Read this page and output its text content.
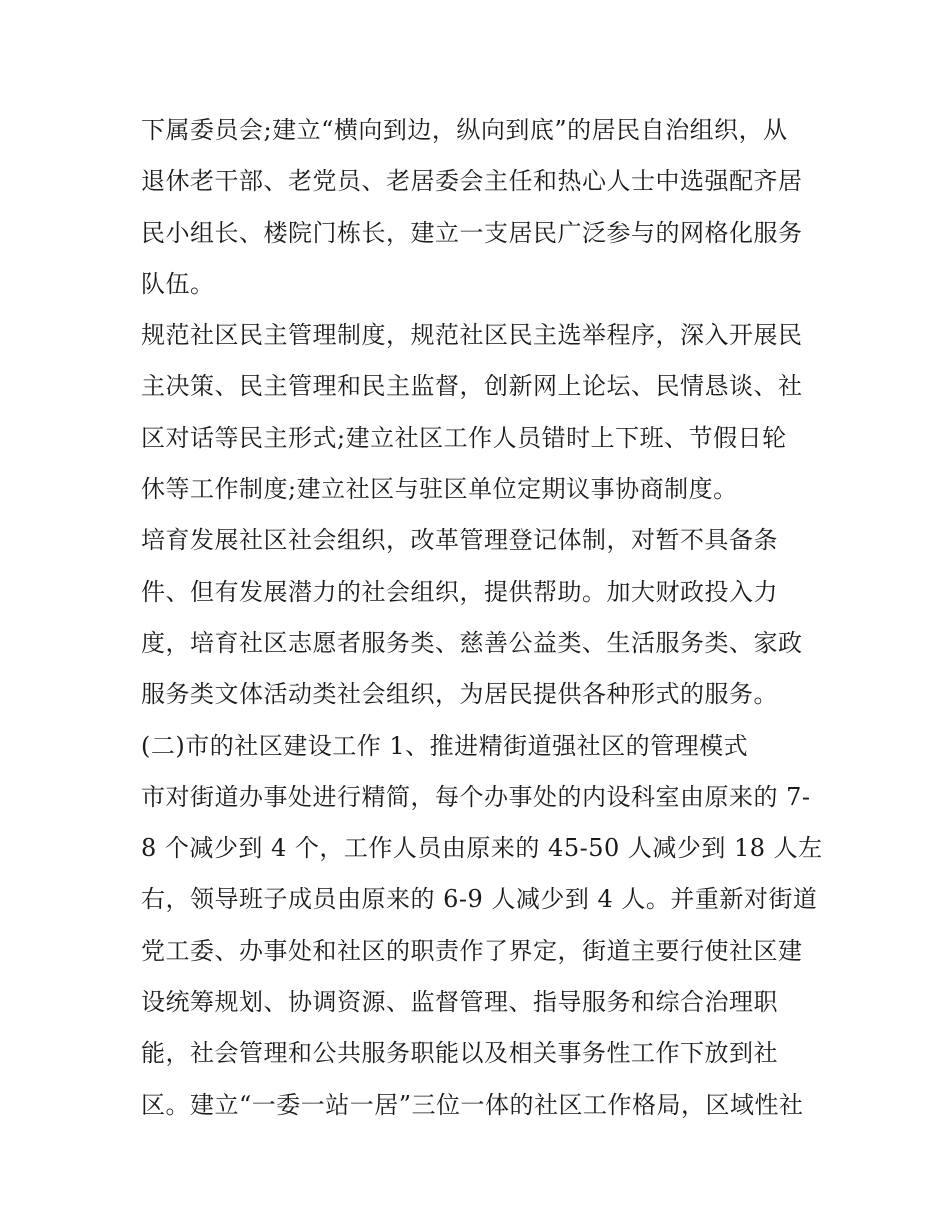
下属委员会;建立“横向到边，纵向到底”的居民自治组织，从
退休老干部、老党员、老居委会主任和热心人士中选强配齐居
民小组长、楼院门栋长，建立一支居民广泛参与的网格化服务
队伍。
规范社区民主管理制度，规范社区民主选举程序，深入开展民
主决策、民主管理和民主监督，创新网上论坛、民情恳谈、社
区对话等民主形式;建立社区工作人员错时上下班、节假日轮
休等工作制度;建立社区与驻区单位定期议事协商制度。
培育发展社区社会组织，改革管理登记体制，对暂不具备条
件、但有发展潜力的社会组织，提供帮助。加大财政投入力
度，培育社区志愿者服务类、慈善公益类、生活服务类、家政
服务类文体活动类社会组织，为居民提供各种形式的服务。
(二)市的社区建设工作 1、推进精街道强社区的管理模式
市对街道办事处进行精简，每个办事处的内设科室由原来的 7-
8 个减少到 4 个，工作人员由原来的 45-50 人减少到 18 人左
右，领导班子成员由原来的 6-9 人减少到 4 人。并重新对街道
党工委、办事处和社区的职责作了界定，街道主要行使社区建
设统筹规划、协调资源、监督管理、指导服务和综合治理职
能，社会管理和公共服务职能以及相关事务性工作下放到社
区。建立“一委一站一居”三位一体的社区工作格局，区域性社
